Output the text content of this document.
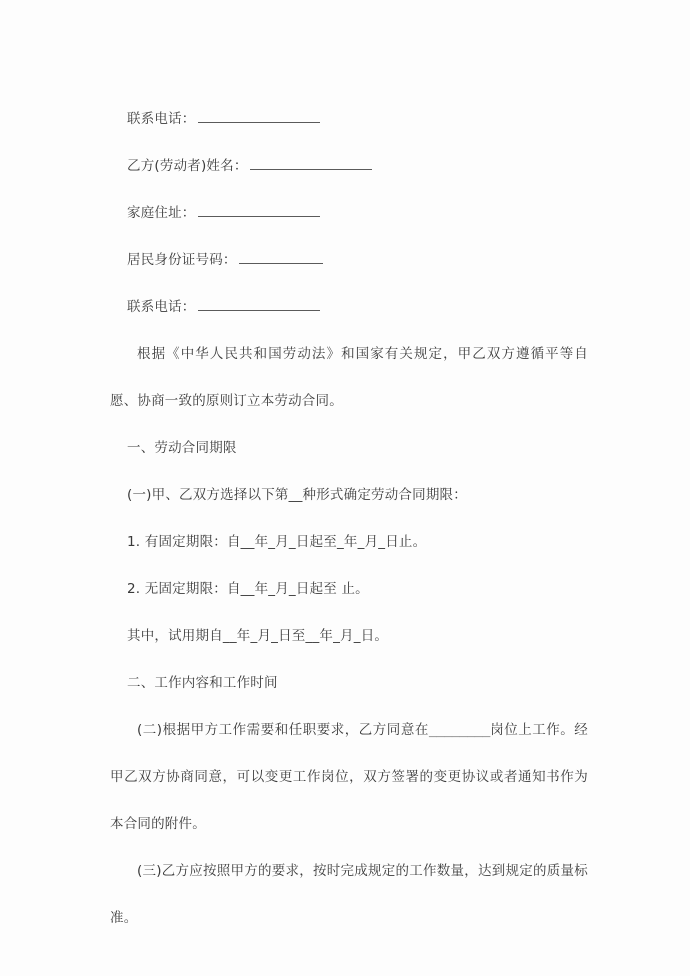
联系电话：
乙方(劳动者)姓名：
家庭住址：
居民身份证号码：
联系电话：

根据《中华人民共和国劳动法》和国家有关规定，甲乙双方遵循平等自愿、协商一致的原则订立本劳动合同。

一、劳动合同期限
(一)甲、乙双方选择以下第__种形式确定劳动合同期限：
1. 有固定期限：自__年_月_日起至_年_月_日止。
2. 无固定期限：自__年_月_日起至 止。
其中，试用期自__年_月_日至__年_月_日。
二、工作内容和工作时间

(二)根据甲方工作需要和任职要求，乙方同意在________岗位上工作。经甲乙双方协商同意，可以变更工作岗位，双方签署的变更协议或者通知书作为本合同的附件。

(三)乙方应按照甲方的要求，按时完成规定的工作数量，达到规定的质量标准。
